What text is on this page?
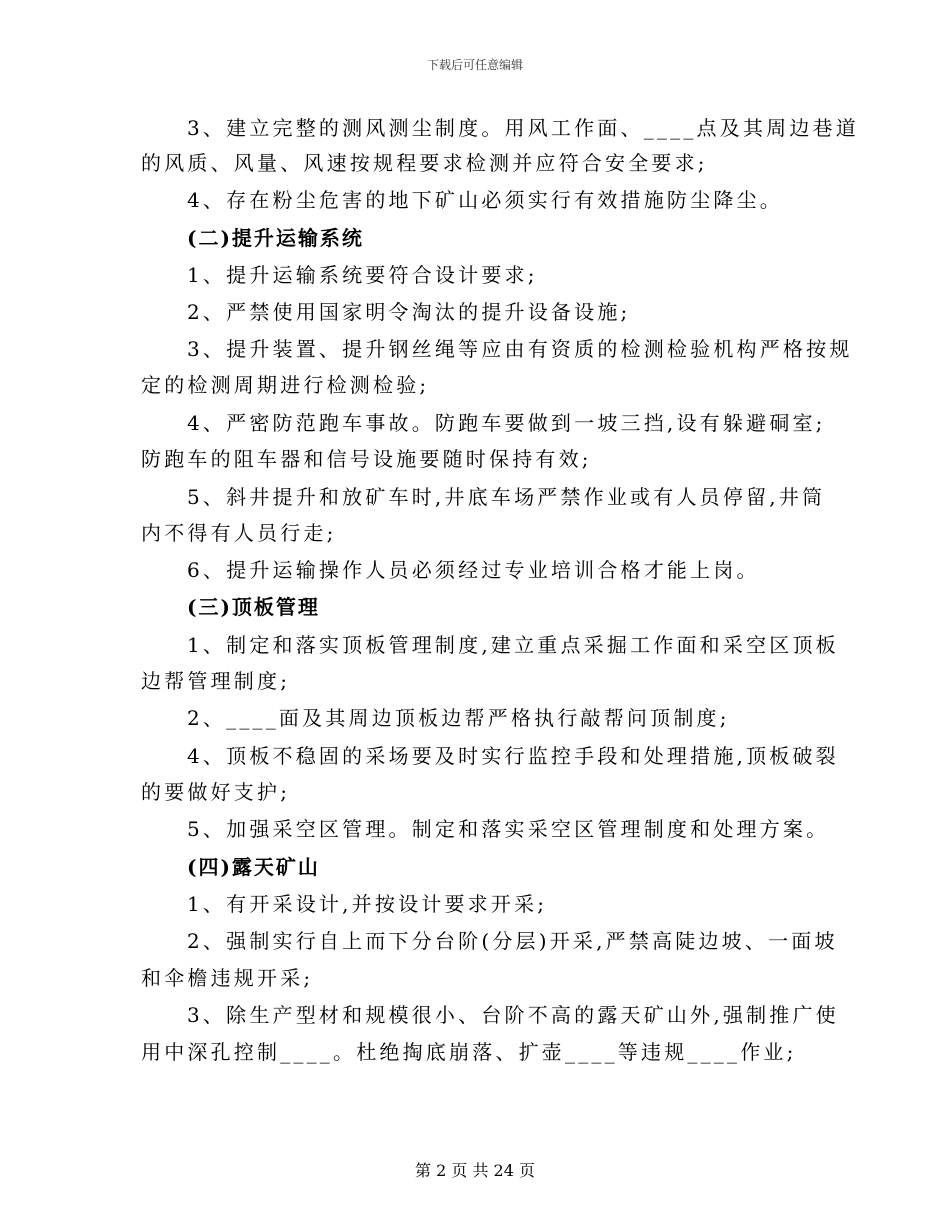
下载后可任意编辑

3、建立完整的测风测尘制度。用风工作面、____点及其周边巷道

的风质、风量、风速按规程要求检测并应符合安全要求;

4、存在粉尘危害的地下矿山必须实行有效措施防尘降尘。

(二)提升运输系统

1、提升运输系统要符合设计要求;

2、严禁使用国家明令淘汰的提升设备设施;

3、提升装置、提升钢丝绳等应由有资质的检测检验机构严格按规

定的检测周期进行检测检验;

4、严密防范跑车事故。防跑车要做到一坡三挡,设有躲避硐室;

防跑车的阻车器和信号设施要随时保持有效;

5、斜井提升和放矿车时,井底车场严禁作业或有人员停留,井筒

内不得有人员行走;

6、提升运输操作人员必须经过专业培训合格才能上岗。

(三)顶板管理

1、制定和落实顶板管理制度,建立重点采掘工作面和采空区顶板

边帮管理制度;

2、____面及其周边顶板边帮严格执行敲帮问顶制度;

4、顶板不稳固的采场要及时实行监控手段和处理措施,顶板破裂

的要做好支护;

5、加强采空区管理。制定和落实采空区管理制度和处理方案。

(四)露天矿山

1、有开采设计,并按设计要求开采;

2、强制实行自上而下分台阶(分层)开采,严禁高陡边坡、一面坡

和伞檐违规开采;

3、除生产型材和规模很小、台阶不高的露天矿山外,强制推广使

用中深孔控制____。杜绝掏底崩落、扩壶____等违规____作业;

第 2 页 共 24 页
